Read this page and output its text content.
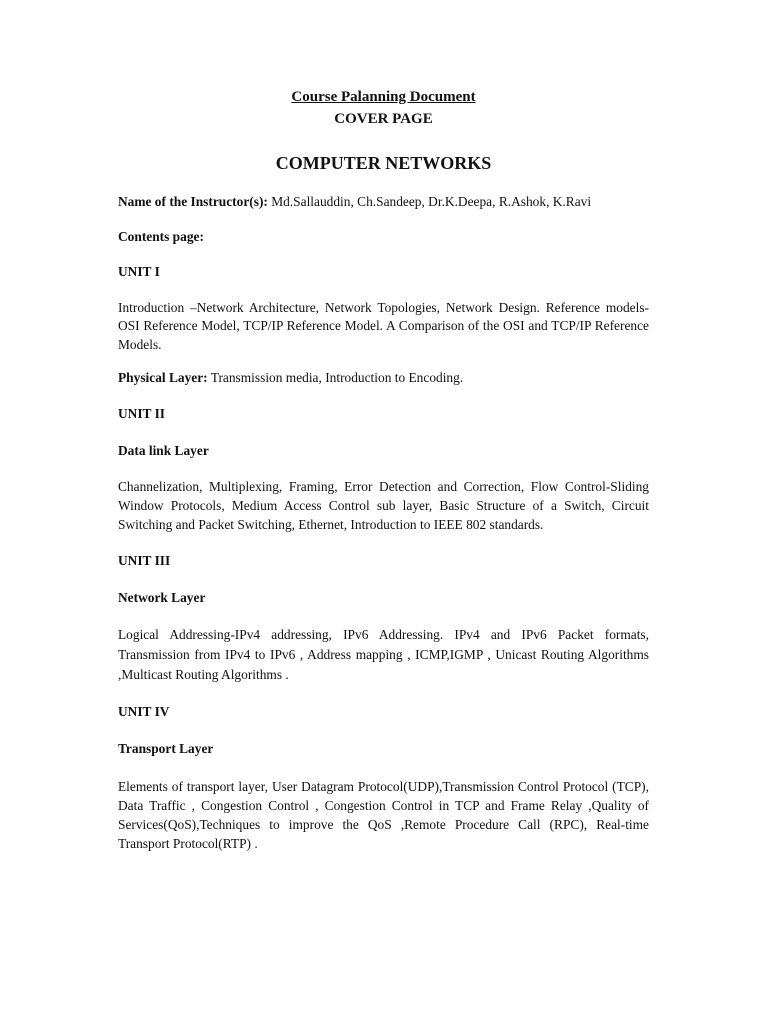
Course Palanning Document
COVER PAGE
COMPUTER NETWORKS

Name of the Instructor(s): Md.Sallauddin, Ch.Sandeep, Dr.K.Deepa, R.Ashok, K.Ravi

Contents page:

UNIT I

Introduction –Network Architecture, Network Topologies, Network Design. Reference models- OSI Reference Model, TCP/IP Reference Model. A Comparison of the OSI and TCP/IP Reference Models.

Physical Layer: Transmission media, Introduction to Encoding.

UNIT II

Data link Layer

Channelization, Multiplexing, Framing, Error Detection and Correction, Flow Control-Sliding Window Protocols, Medium Access Control sub layer, Basic Structure of a Switch, Circuit Switching and Packet Switching, Ethernet, Introduction to IEEE 802 standards.

UNIT III

Network Layer

Logical Addressing-IPv4 addressing, IPv6 Addressing. IPv4 and IPv6 Packet formats, Transmission from IPv4 to IPv6 , Address mapping , ICMP,IGMP , Unicast Routing Algorithms ,Multicast Routing Algorithms .

UNIT IV

Transport Layer

Elements of transport layer, User Datagram Protocol(UDP),Transmission Control Protocol (TCP), Data Traffic , Congestion Control , Congestion Control in TCP and Frame Relay ,Quality of Services(QoS),Techniques to improve the QoS ,Remote Procedure Call (RPC), Real-time Transport Protocol(RTP) .
